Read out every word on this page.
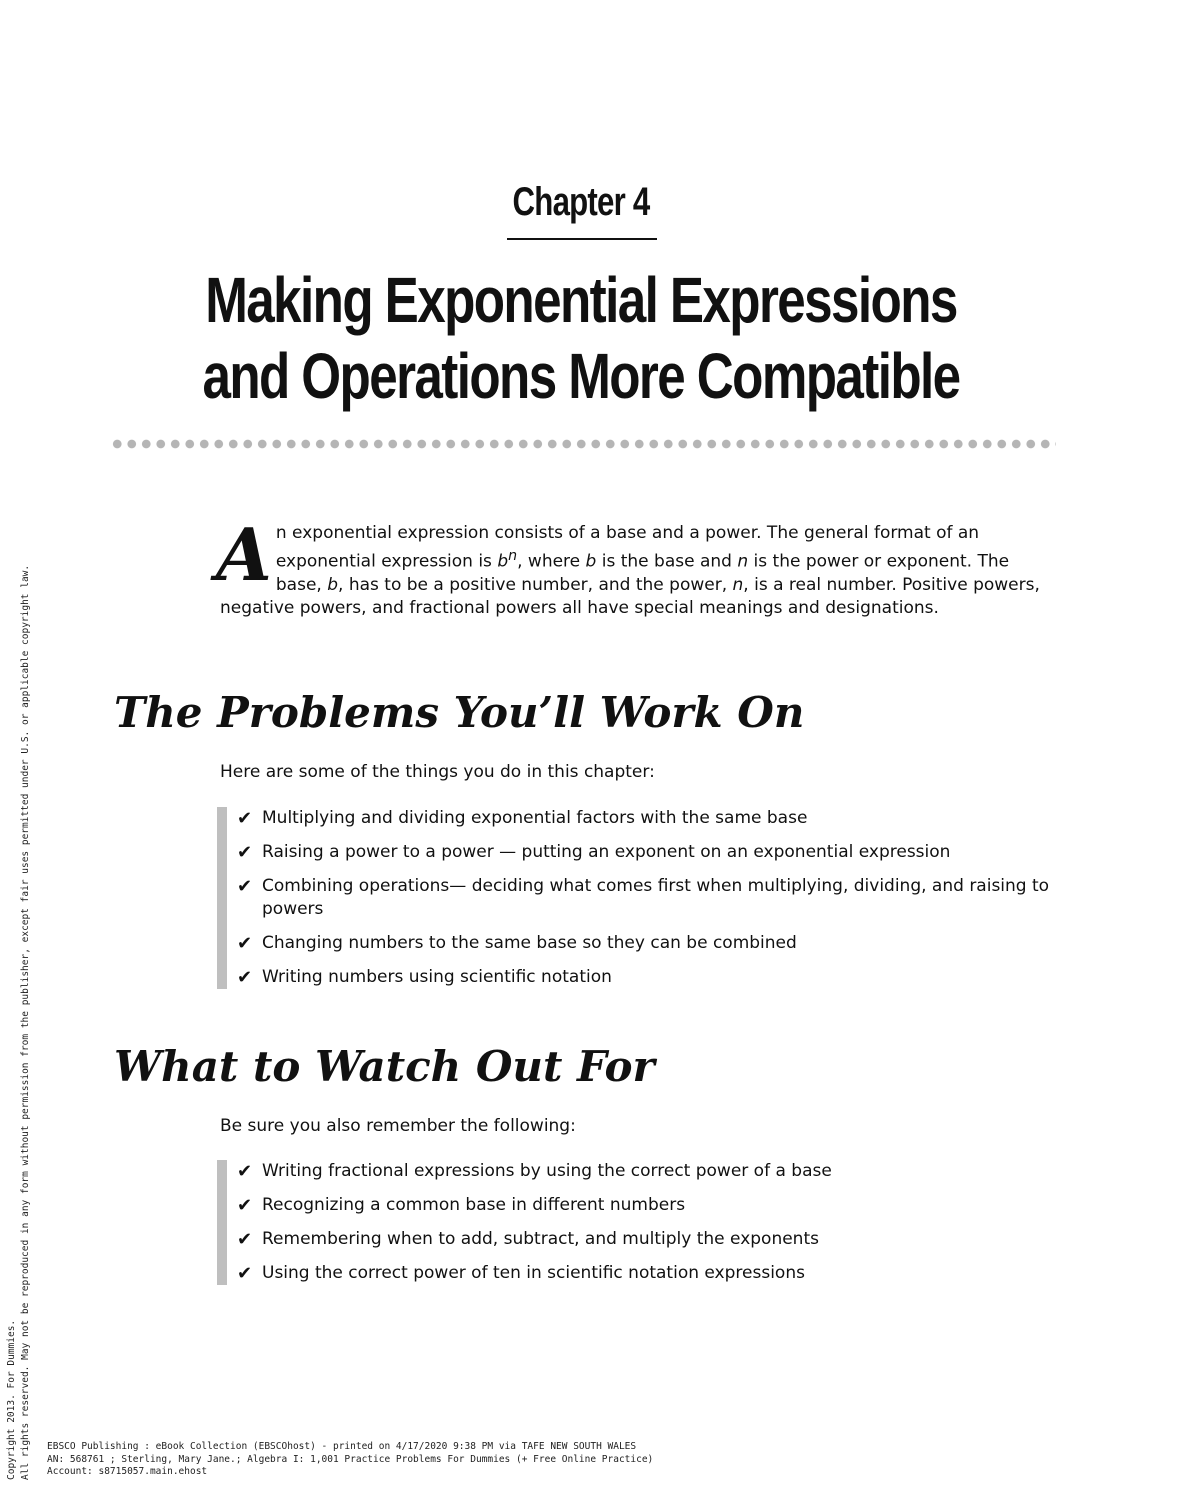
Chapter 4
Making Exponential Expressions
and Operations More Compatible
An exponential expression consists of a base and a power. The general format of an exponential expression is $b^n$, where b is the base and n is the power or exponent. The base, b, has to be a positive number, and the power, n, is a real number. Positive powers, negative powers, and fractional powers all have special meanings and designations.
The Problems You’ll Work On
Here are some of the things you do in this chapter:
✔ Multiplying and dividing exponential factors with the same base
✔ Raising a power to a power — putting an exponent on an exponential expression
✔ Combining operations— deciding what comes first when multiplying, dividing, and raising to powers
✔ Changing numbers to the same base so they can be combined
✔ Writing numbers using scientific notation
What to Watch Out For
Be sure you also remember the following:
✔ Writing fractional expressions by using the correct power of a base
✔ Recognizing a common base in different numbers
✔ Remembering when to add, subtract, and multiply the exponents
✔ Using the correct power of ten in scientific notation expressions
Copyright 2013. For Dummies. All rights reserved. May not be reproduced in any form without permission from the publisher, except fair uses permitted under U.S. or applicable copyright law. EBSCO Publishing : eBook Collection (EBSCOhost) - printed on 4/17/2020 9:38 PM via TAFE NEW SOUTH WALES
AN: 568761 ; Sterling, Mary Jane.; Algebra I: 1,001 Practice Problems For Dummies (+ Free Online Practice)
Account: s8715057.main.ehost
